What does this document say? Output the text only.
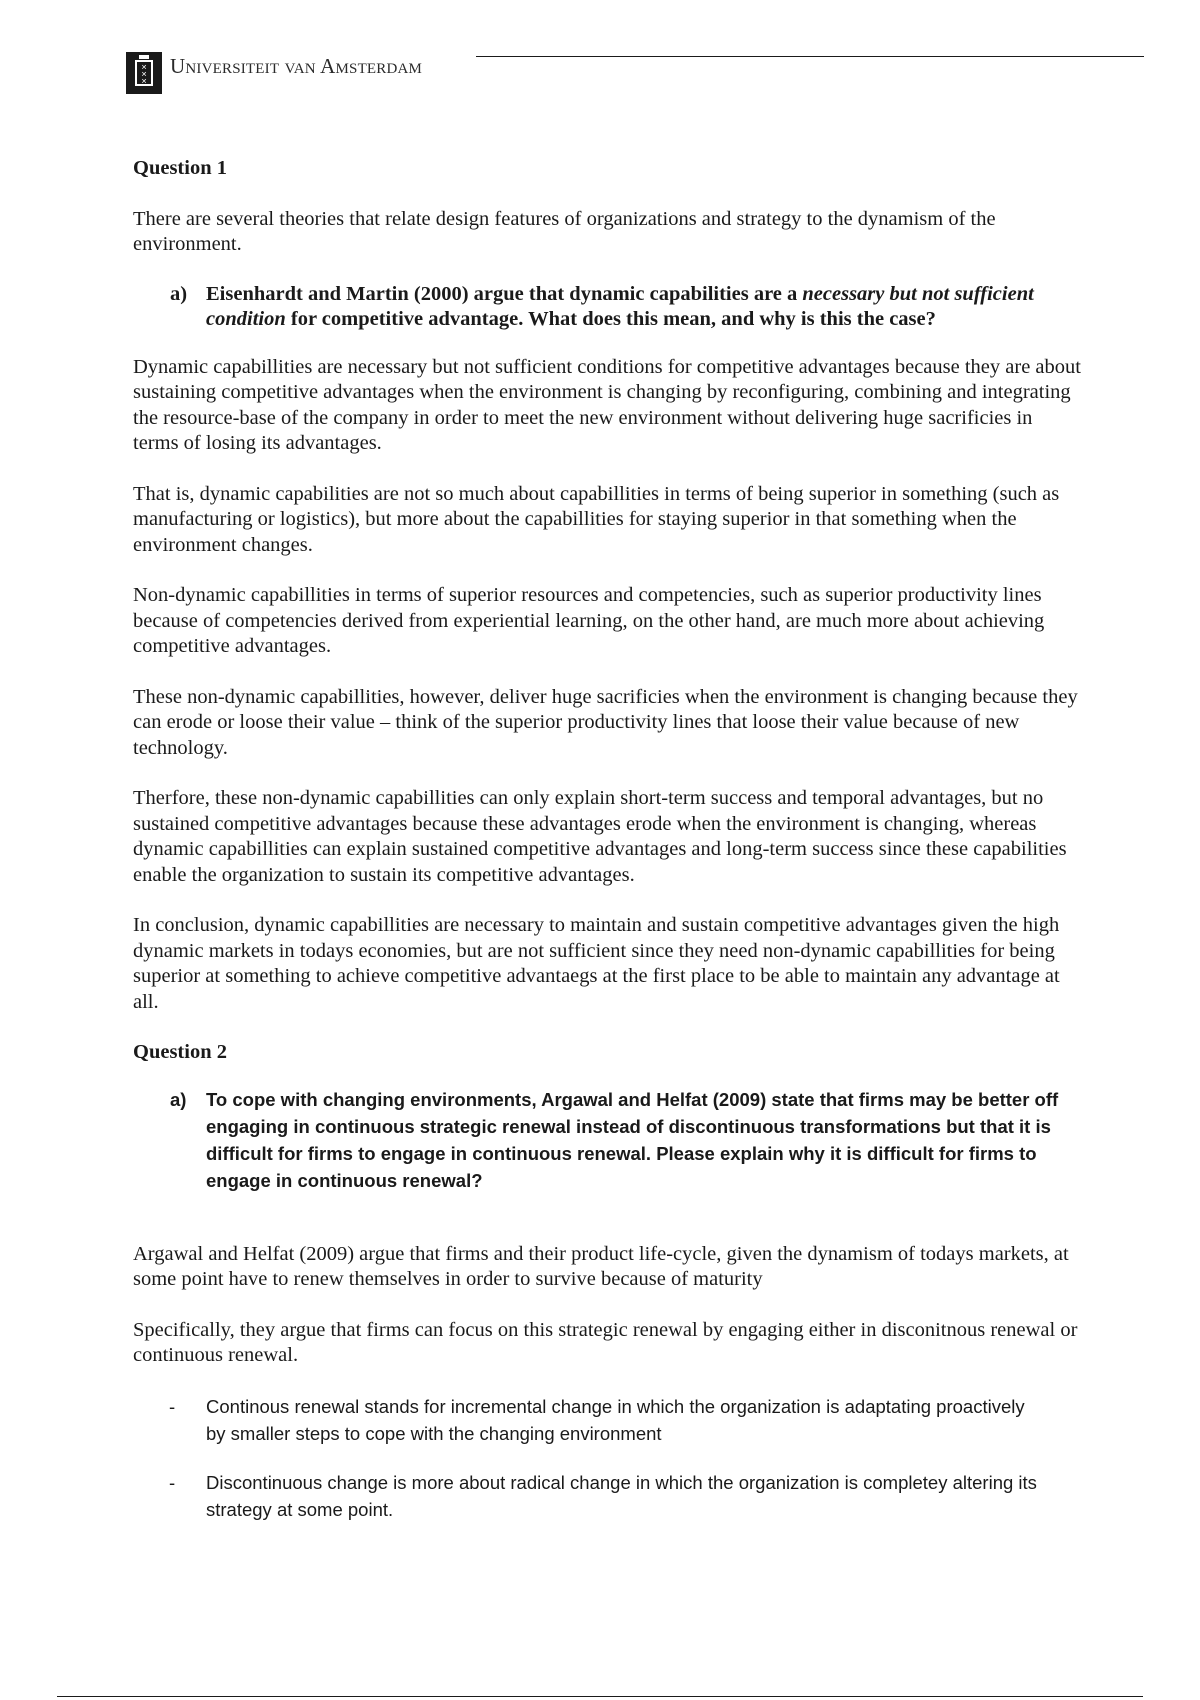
✕
✕
✕
Universiteit van Amsterdam

Question 1

There are several theories that relate design features of organizations and strategy to the dynamism of the environment.

a) Eisenhardt and Martin (2000) argue that dynamic capabilities are a necessary but not sufficient condition for competitive advantage. What does this mean, and why is this the case?

Dynamic capabillities are necessary but not sufficient conditions for competitive advantages because they are about sustaining competitive advantages when the environment is changing by reconfiguring, combining and integrating the resource-base of the company in order to meet the new environment without delivering huge sacrificies in terms of losing its advantages.

That is, dynamic capabilities are not so much about capabillities in terms of being superior in something (such as manufacturing or logistics), but more about the capabillities for staying superior in that something when the environment changes.

Non-dynamic capabillities in terms of superior resources and competencies, such as superior productivity lines because of competencies derived from experiential learning, on the other hand, are much more about achieving competitive advantages.

These non-dynamic capabillities, however, deliver huge sacrificies when the environment is changing because they can erode or loose their value – think of the superior productivity lines that loose their value because of new technology.

Therfore, these non-dynamic capabillities can only explain short-term success and temporal advantages, but no sustained competitive advantages because these advantages erode when the environment is changing, whereas dynamic capabillities can explain sustained competitive advantages and long-term success since these capabilities enable the organization to sustain its competitive advantages.

In conclusion, dynamic capabillities are necessary to maintain and sustain competitive advantages given the high dynamic markets in todays economies, but are not sufficient since they need non-dynamic capabillities for being superior at something to achieve competitive advantaegs at the first place to be able to maintain any advantage at all.

Question 2

a)	To cope with changing environments, Argawal and Helfat (2009) state that firms may be better off engaging in continuous strategic renewal instead of discontinuous transformations but that it is difficult for firms to engage in continuous renewal. Please explain why it is difficult for firms to engage in continuous renewal?

Argawal and Helfat (2009) argue that firms and their product life-cycle, given the dynamism of todays markets, at some point have to renew themselves in order to survive because of maturity

Specifically, they argue that firms can focus on this strategic renewal by engaging either in disconitnous renewal or continuous renewal.

-	Continous renewal stands for incremental change in which the organization is adaptating proactively by smaller steps to cope with the changing environment
-	Discontinuous change is more about radical change in which the organization is completey altering its strategy at some point.
